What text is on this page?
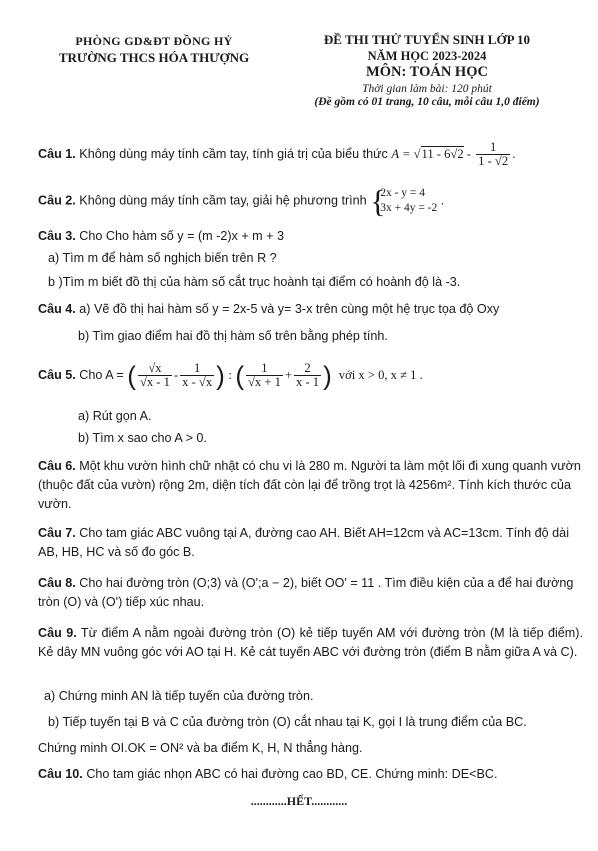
PHÒNG GD&ĐT ĐỒNG HỶ
TRƯỜNG THCS HÓA THƯỢNG
ĐỀ THI THỬ TUYỂN SINH LỚP 10
NĂM HỌC 2023-2024
MÔN: TOÁN HỌC
Thời gian làm bài: 120 phút
(Đề gồm có 01 trang, 10 câu, mỗi câu 1,0 điểm)
Câu 1. Không dùng máy tính cầm tay, tính giá trị của biểu thức $A = √11 - 6√2 - \frac{1}{1 - √2}$ .
Câu 2. Không dùng máy tính cầm tay, giải hệ phương trình {
2x - y = 4
3x + 4y = -2
.
Câu 3. Cho Cho hàm số y = (m -2)x + m + 3
a) Tìm m để hàm số nghịch biến trên R ?
b )Tìm m biết đồ thị của hàm số cắt trục hoành tại điểm có hoành độ là -3.
Câu 4. a) Vẽ đồ thị hai hàm số y = 2x-5 và y= 3-x trên cùng một hệ trục tọa độ Oxy
b) Tìm giao điểm hai đồ thị hàm số trên bằng phép tính.
Câu 5. Cho A = ( $\frac{√x}{√x - 1} - \frac{1}{x - √x}$ ) : ( $\frac{1}{√x + 1} + \frac{2}{x - 1}$ ) với x > 0, x ≠ 1 .
a) Rút gọn A.
b) Tìm x sao cho A > 0.
Câu 6. Một khu vườn hình chữ nhật có chu vi là 280 m. Người ta làm một lối đi xung quanh vườn (thuộc đất của vườn) rộng 2m, diện tích đất còn lại để trồng trọt là 4256m². Tính kích thước của vườn.
Câu 7. Cho tam giác ABC vuông tại A, đường cao AH. Biết AH=12cm và AC=13cm. Tính độ dài AB, HB, HC và số đo góc B.
Câu 8. Cho hai đường tròn (O;3) và (O';a − 2), biết OO' = 11 . Tìm điều kiện của a để hai đường tròn (O) và (O') tiếp xúc nhau.
Câu 9. Từ điểm A nằm ngoài đường tròn (O) kẻ tiếp tuyến AM với đường tròn (M là tiếp điểm). Kẻ dây MN vuông góc với AO tại H. Kẻ cát tuyến ABC với đường tròn (điểm B nằm giữa A và C).
a) Chứng minh AN là tiếp tuyến của đường tròn.
b) Tiếp tuyến tại B và C của đường tròn (O) cắt nhau tại K, gọi I là trung điểm của BC.
Chứng minh OI.OK = ON² và ba điểm K, H, N thẳng hàng.
Câu 10. Cho tam giác nhọn ABC có hai đường cao BD, CE. Chứng minh: DE<BC.
............HẾT............
